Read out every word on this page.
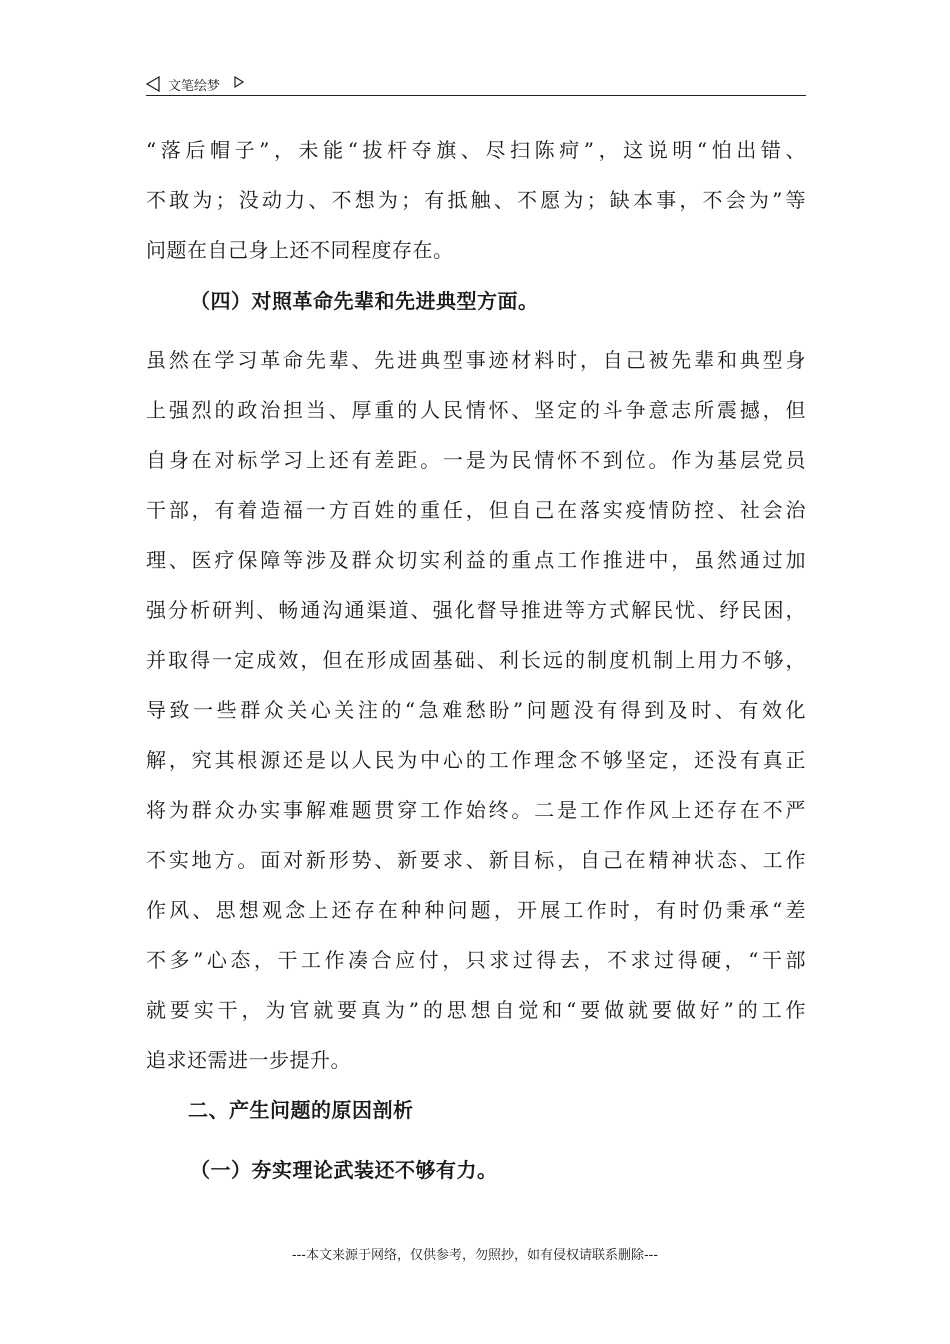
文笔绘梦
“落后帽子”，未能“拔杆夺旗、尽扫陈疴”，这说明“怕出错、
不敢为；没动力、不想为；有抵触、不愿为；缺本事，不会为”等
问题在自己身上还不同程度存在。
（四）对照革命先辈和先进典型方面。
虽然在学习革命先辈、先进典型事迹材料时，自己被先辈和典型身
上强烈的政治担当、厚重的人民情怀、坚定的斗争意志所震撼，但
自身在对标学习上还有差距。一是为民情怀不到位。作为基层党员
干部，有着造福一方百姓的重任，但自己在落实疫情防控、社会治
理、医疗保障等涉及群众切实利益的重点工作推进中，虽然通过加
强分析研判、畅通沟通渠道、强化督导推进等方式解民忧、纾民困，
并取得一定成效，但在形成固基础、利长远的制度机制上用力不够，
导致一些群众关心关注的“急难愁盼”问题没有得到及时、有效化
解，究其根源还是以人民为中心的工作理念不够坚定，还没有真正
将为群众办实事解难题贯穿工作始终。二是工作作风上还存在不严
不实地方。面对新形势、新要求、新目标，自己在精神状态、工作
作风、思想观念上还存在种种问题，开展工作时，有时仍秉承“差
不多”心态，干工作凑合应付，只求过得去，不求过得硬，“干部
就要实干，为官就要真为”的思想自觉和“要做就要做好”的工作
追求还需进一步提升。
二、产生问题的原因剖析
（一）夯实理论武装还不够有力。
---本文来源于网络，仅供参考，勿照抄，如有侵权请联系删除---
